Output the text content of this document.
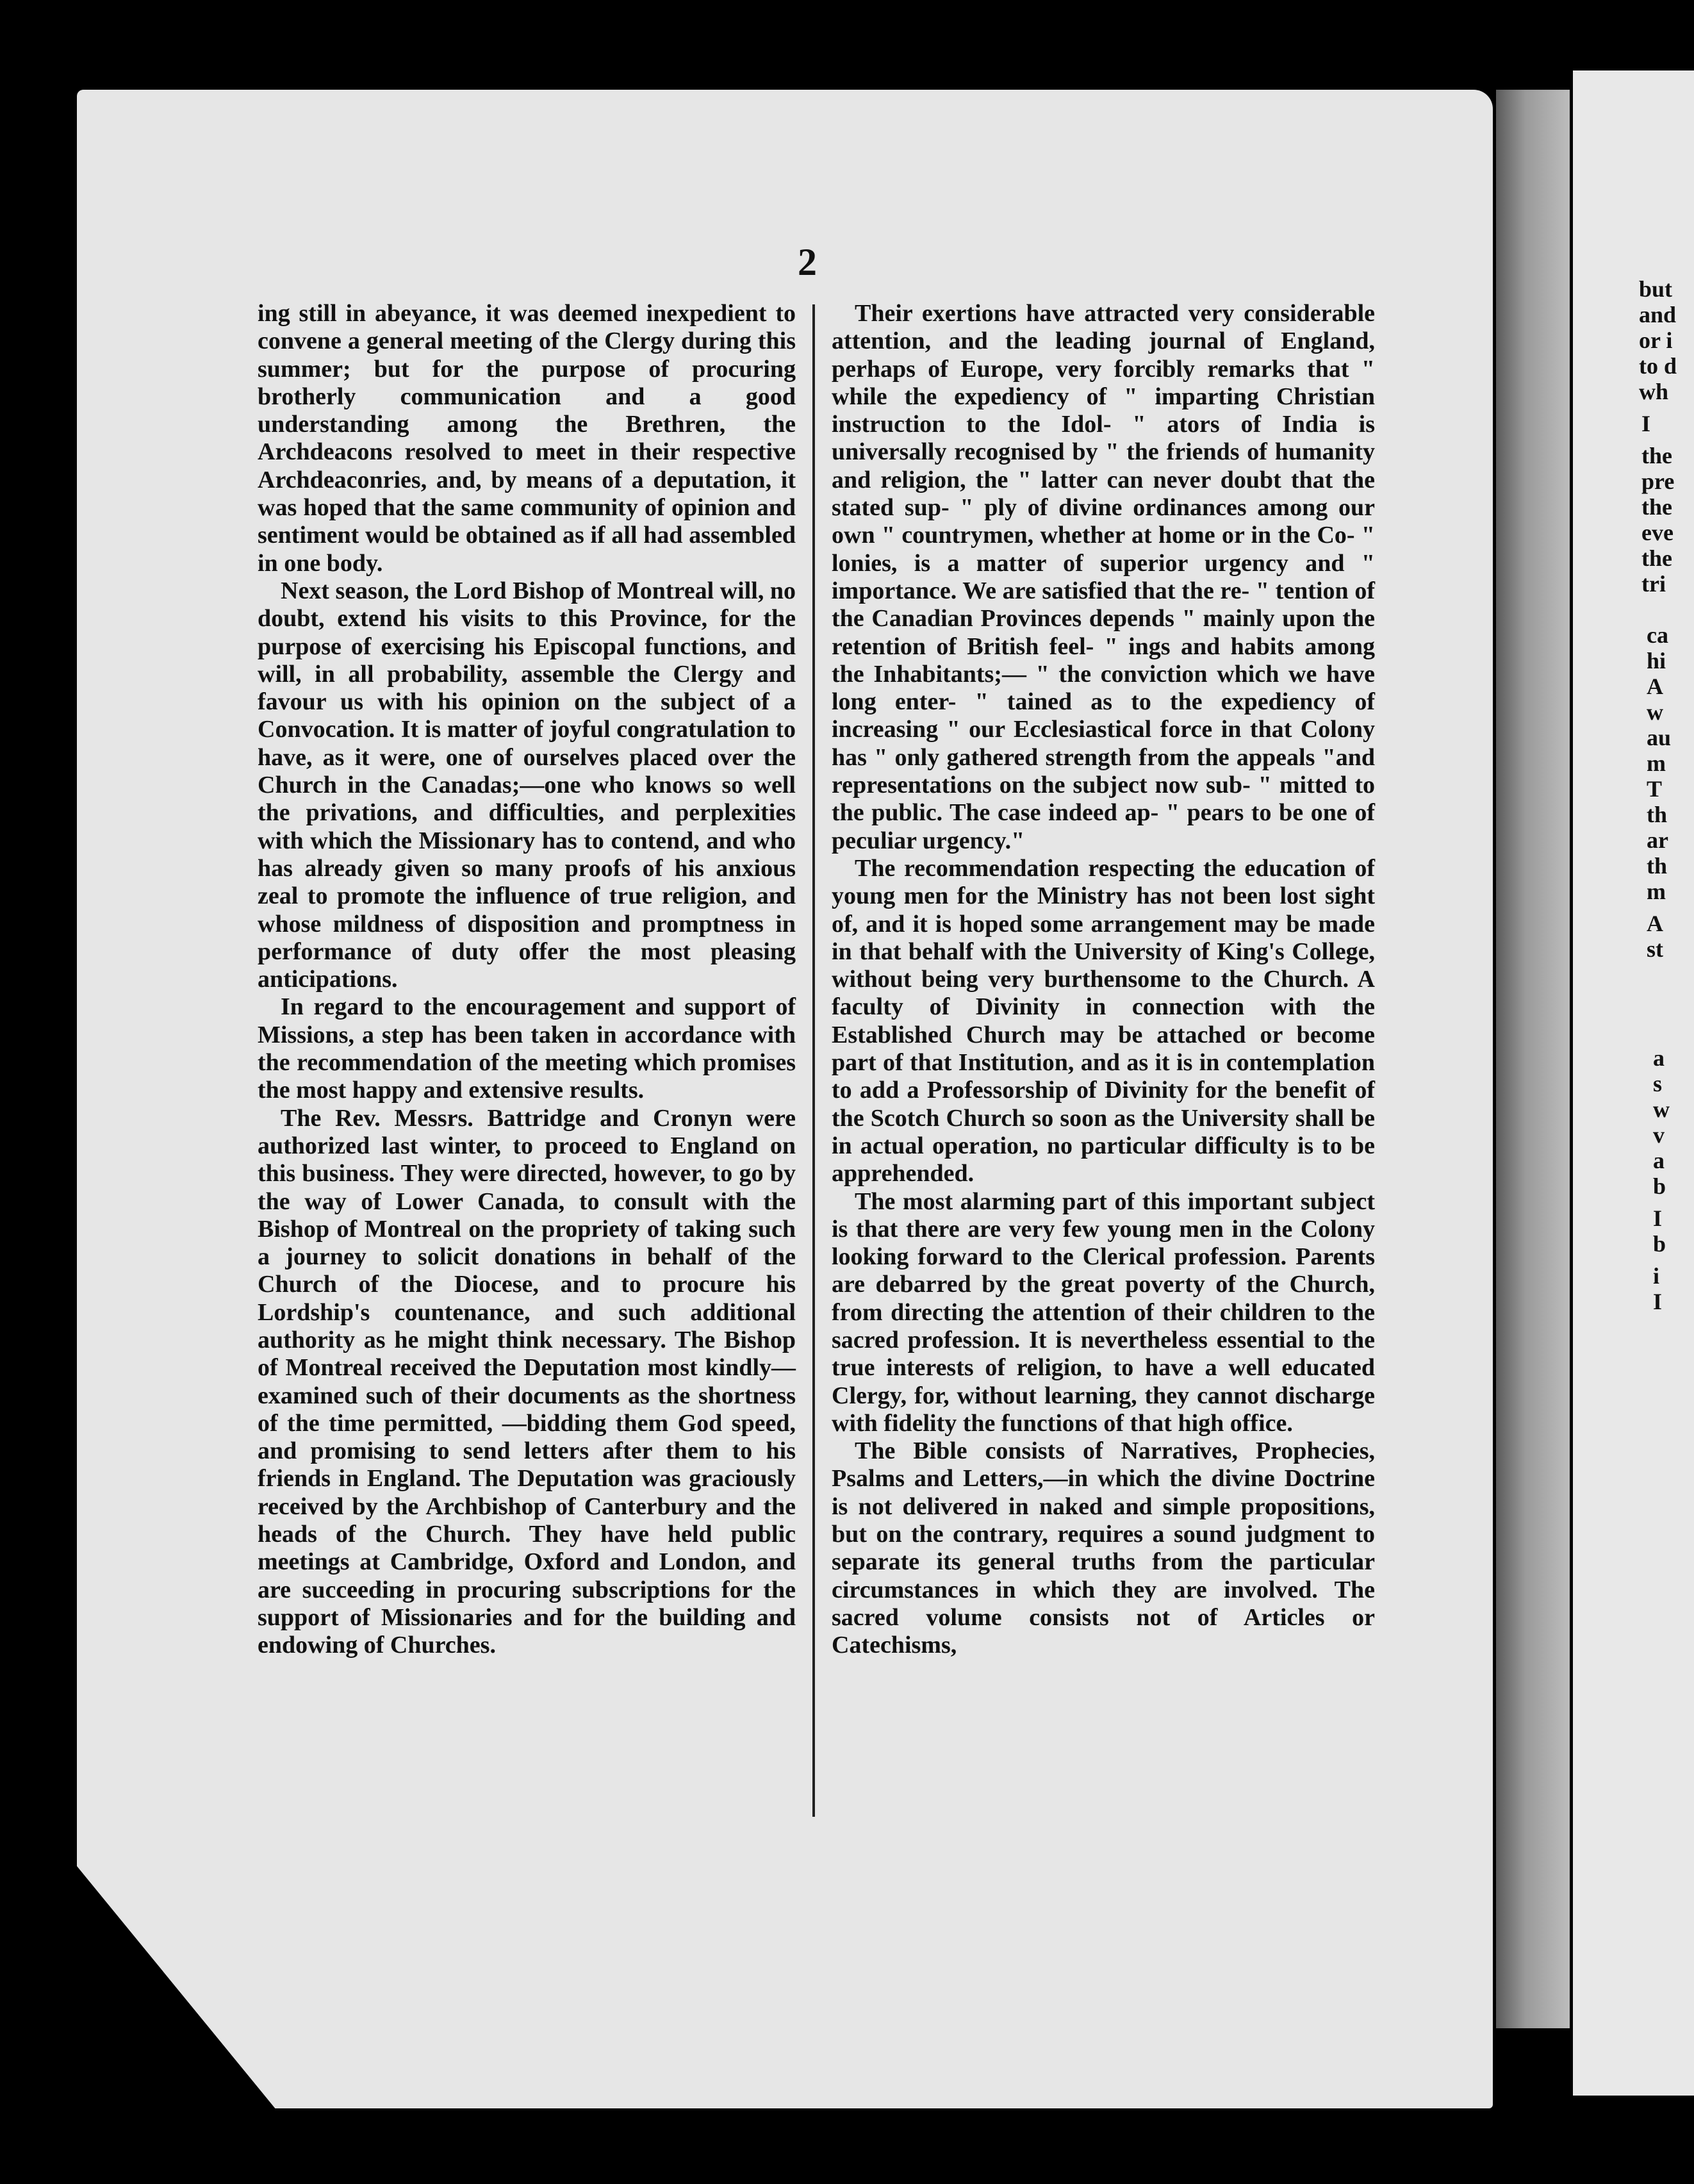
2

ing still in abeyance, it was deemed inexpedient to convene a general meeting of the Clergy during this summer; but for the purpose of procuring brotherly communication and a good understanding among the Brethren, the Archdeacons resolved to meet in their respective Archdeaconries, and, by means of a deputation, it was hoped that the same community of opinion and sentiment would be obtained as if all had assembled in one body.

Next season, the Lord Bishop of Montreal will, no doubt, extend his visits to this Province, for the purpose of exercising his Episcopal functions, and will, in all probability, assemble the Clergy and favour us with his opinion on the subject of a Convocation. It is matter of joyful congratulation to have, as it were, one of ourselves placed over the Church in the Canadas;—one who knows so well the privations, and difficulties, and perplexities with which the Missionary has to contend, and who has already given so many proofs of his anxious zeal to promote the influence of true religion, and whose mildness of disposition and promptness in performance of duty offer the most pleasing anticipations.

In regard to the encouragement and support of Missions, a step has been taken in accordance with the recommendation of the meeting which promises the most happy and extensive results.

The Rev. Messrs. Battridge and Cronyn were authorized last winter, to proceed to England on this business. They were directed, however, to go by the way of Lower Canada, to consult with the Bishop of Montreal on the propriety of taking such a journey to solicit donations in behalf of the Church of the Diocese, and to procure his Lordship's countenance, and such additional authority as he might think necessary. The Bishop of Montreal received the Deputation most kindly—examined such of their documents as the shortness of the time permitted, —bidding them God speed, and promising to send letters after them to his friends in England. The Deputation was graciously received by the Archbishop of Canterbury and the heads of the Church. They have held public meetings at Cambridge, Oxford and London, and are succeeding in procuring subscriptions for the support of Missionaries and for the building and endowing of Churches.

Their exertions have attracted very considerable attention, and the leading journal of England, perhaps of Europe, very forcibly remarks that " while the expediency of " imparting Christian instruction to the Idol- " ators of India is universally recognised by " the friends of humanity and religion, the " latter can never doubt that the stated sup- " ply of divine ordinances among our own " countrymen, whether at home or in the Co- " lonies, is a matter of superior urgency and " importance. We are satisfied that the re- " tention of the Canadian Provinces depends " mainly upon the retention of British feel- " ings and habits among the Inhabitants;— " the conviction which we have long enter- " tained as to the expediency of increasing " our Ecclesiastical force in that Colony has " only gathered strength from the appeals "and representations on the subject now sub- " mitted to the public. The case indeed ap- " pears to be one of peculiar urgency."

The recommendation respecting the education of young men for the Ministry has not been lost sight of, and it is hoped some arrangement may be made in that behalf with the University of King's College, without being very burthensome to the Church. A faculty of Divinity in connection with the Established Church may be attached or become part of that Institution, and as it is in contemplation to add a Professorship of Divinity for the benefit of the Scotch Church so soon as the University shall be in actual operation, no particular difficulty is to be apprehended.

The most alarming part of this important subject is that there are very few young men in the Colony looking forward to the Clerical profession. Parents are debarred by the great poverty of the Church, from directing the attention of their children to the sacred profession. It is nevertheless essential to the true interests of religion, to have a well educated Clergy, for, without learning, they cannot discharge with fidelity the functions of that high office.

The Bible consists of Narratives, Prophecies, Psalms and Letters,—in which the divine Doctrine is not delivered in naked and simple propositions, but on the contrary, requires a sound judgment to separate its general truths from the particular circumstances in which they are involved. The sacred volume consists not of Articles or Catechisms,

but
and
or i
to d
wh
I
the
pre
the
eve
the
tri
ca
hi
A
w
au
m
T
th
ar
th
m
A
st
a
s
w
v
a
b
I
b
i
I
